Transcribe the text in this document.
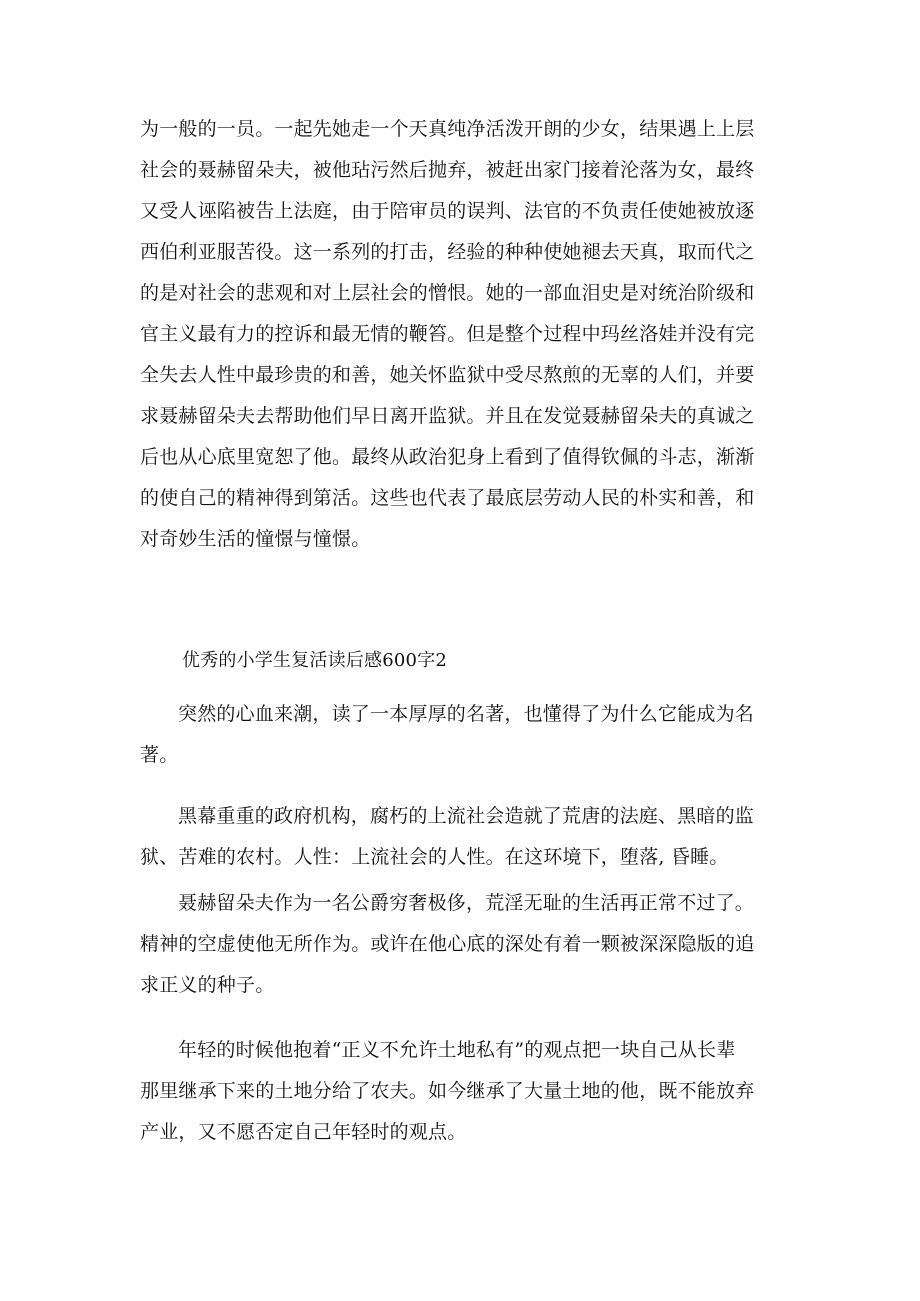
为一般的一员。一起先她走一个天真纯净活泼开朗的少女，结果遇上上层
社会的聂赫留朵夫，被他玷污然后抛弃，被赶出家门接着沦落为女，最终
又受人诬陷被告上法庭，由于陪审员的误判、法官的不负责任使她被放逐
西伯利亚服苦役。这一系列的打击，经验的种种使她褪去天真，取而代之
的是对社会的悲观和对上层社会的憎恨。她的一部血泪史是对统治阶级和
官主义最有力的控诉和最无情的鞭笞。但是整个过程中玛丝洛娃并没有完
全失去人性中最珍贵的和善，她关怀监狱中受尽熬煎的无辜的人们，并要
求聂赫留朵夫去帮助他们早日离开监狱。并且在发觉聂赫留朵夫的真诚之
后也从心底里宽恕了他。最终从政治犯身上看到了值得钦佩的斗志，渐渐
的使自己的精神得到第活。这些也代表了最底层劳动人民的朴实和善，和
对奇妙生活的憧憬与憧憬。

优秀的小学生复活读后感600字2

突然的心血来潮，读了一本厚厚的名著，也懂得了为什么它能成为名
著。

黑幕重重的政府机构，腐朽的上流社会造就了荒唐的法庭、黑暗的监
狱、苦难的农村。人性：上流社会的人性。在这环境下，堕落, 昏睡。

聂赫留朵夫作为一名公爵穷奢极侈，荒淫无耻的生活再正常不过了。
精神的空虚使他无所作为。或许在他心底的深处有着一颗被深深隐版的追
求正义的种子。

年轻的时候他抱着“正义不允许土地私有”的观点把一块自己从长辈
那里继承下来的土地分给了农夫。如今继承了大量土地的他，既不能放弃
产业，又不愿否定自己年轻时的观点。
